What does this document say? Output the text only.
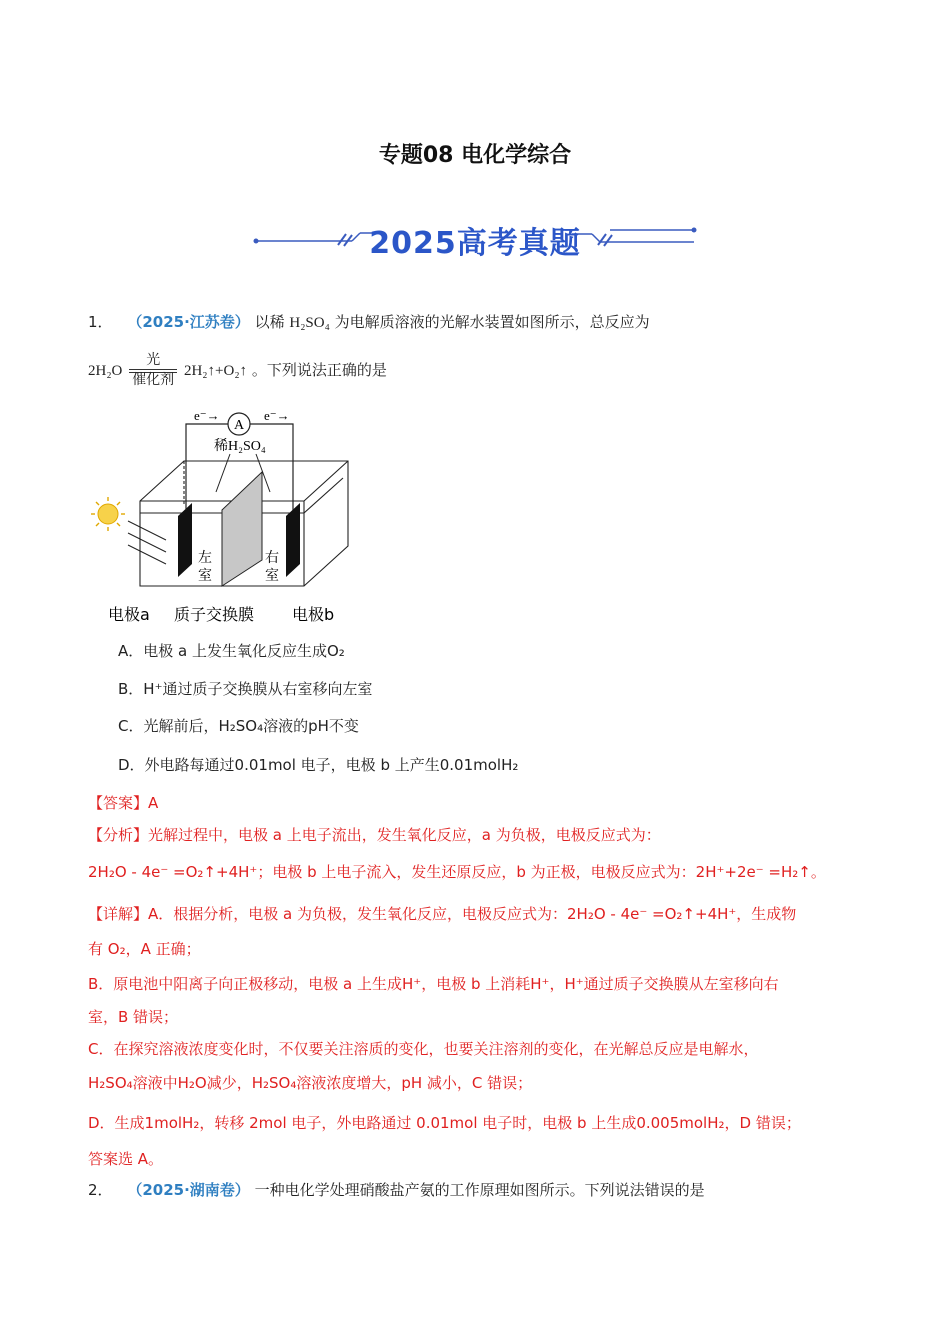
专题08 电化学综合
2025高考真题
1． （2025·江苏卷） 以稀 H₂SO₄ 为电解质溶液的光解水装置如图所示，总反应为
$2H_2O \frac{\text{光}}{\text{催化剂}}$ 2H₂↑+O₂↑ 。下列说法正确的是
A
e⁻→	e⁻→
稀H₂SO₄
左
室
右
室
电极a 质子交换膜 电极b
A．电极 a 上发生氧化反应生成O₂
B．H⁺通过质子交换膜从右室移向左室
C．光解前后，H₂SO₄溶液的pH不变
D．外电路每通过0.01mol 电子，电极 b 上产生0.01molH₂
【答案】A
【分析】光解过程中，电极 a 上电子流出，发生氧化反应，a 为负极，电极反应式为：
2H₂O - 4e⁻ =O₂↑+4H⁺；电极 b 上电子流入，发生还原反应，b 为正极，电极反应式为：2H⁺+2e⁻ =H₂↑。
【详解】A．根据分析，电极 a 为负极，发生氧化反应，电极反应式为：2H₂O - 4e⁻ =O₂↑+4H⁺，生成物
有 O₂，A 正确；
B．原电池中阳离子向正极移动，电极 a 上生成H⁺，电极 b 上消耗H⁺，H⁺通过质子交换膜从左室移向右
室，B 错误；
C．在探究溶液浓度变化时，不仅要关注溶质的变化，也要关注溶剂的变化，在光解总反应是电解水，
H₂SO₄溶液中H₂O减少，H₂SO₄溶液浓度增大，pH 减小，C 错误；
D．生成1molH₂，转移 2mol 电子，外电路通过 0.01mol 电子时，电极 b 上生成0.005molH₂，D 错误；
答案选 A。
2． （2025·湖南卷） 一种电化学处理硝酸盐产氨的工作原理如图所示。下列说法错误的是
